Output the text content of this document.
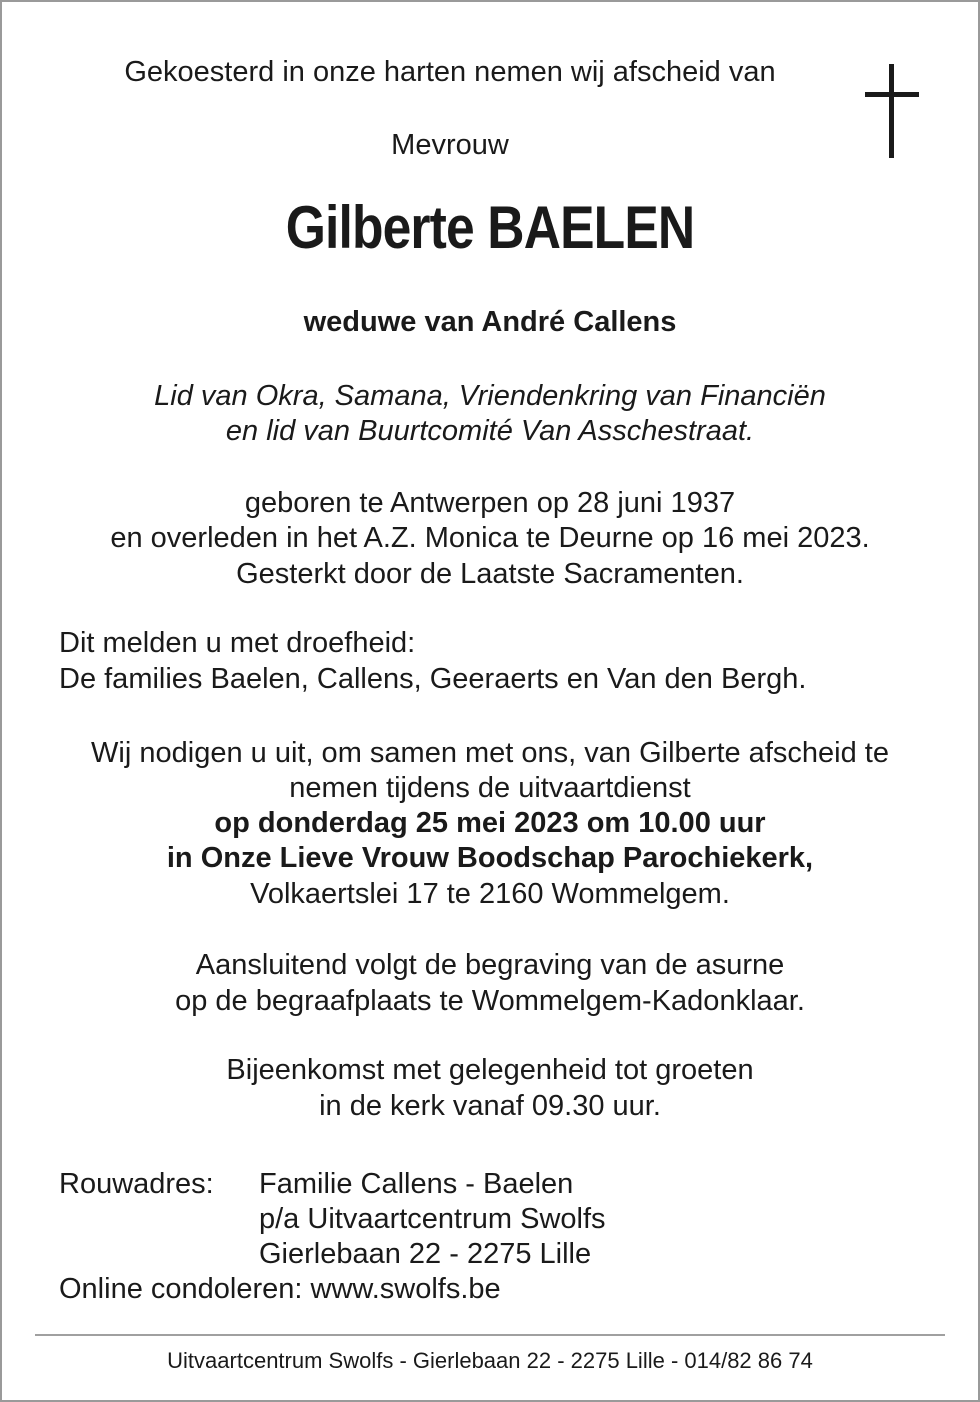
Gekoesterd in onze harten nemen wij afscheid van
Mevrouw
Gilberte BAELEN
weduwe van André Callens
Lid van Okra, Samana, Vriendenkring van Financiën
en lid van Buurtcomité Van Asschestraat.
geboren te Antwerpen op 28 juni 1937
en overleden in het A.Z. Monica te Deurne op 16 mei 2023.
Gesterkt door de Laatste Sacramenten.
Dit melden u met droefheid:
De families Baelen, Callens, Geeraerts en Van den Bergh.
Wij nodigen u uit, om samen met ons, van Gilberte afscheid te
nemen tijdens de uitvaartdienst
op donderdag 25 mei 2023 om 10.00 uur
in Onze Lieve Vrouw Boodschap Parochiekerk,
Volkaertslei 17 te 2160 Wommelgem.
Aansluitend volgt de begraving van de asurne
op de begraafplaats te Wommelgem-Kadonklaar.
Bijeenkomst met gelegenheid tot groeten
in de kerk vanaf 09.30 uur.
Rouwadres: Familie Callens - Baelen
p/a Uitvaartcentrum Swolfs
Gierlebaan 22 - 2275 Lille
Online condoleren: www.swolfs.be
Uitvaartcentrum Swolfs - Gierlebaan 22 - 2275 Lille - 014/82 86 74
